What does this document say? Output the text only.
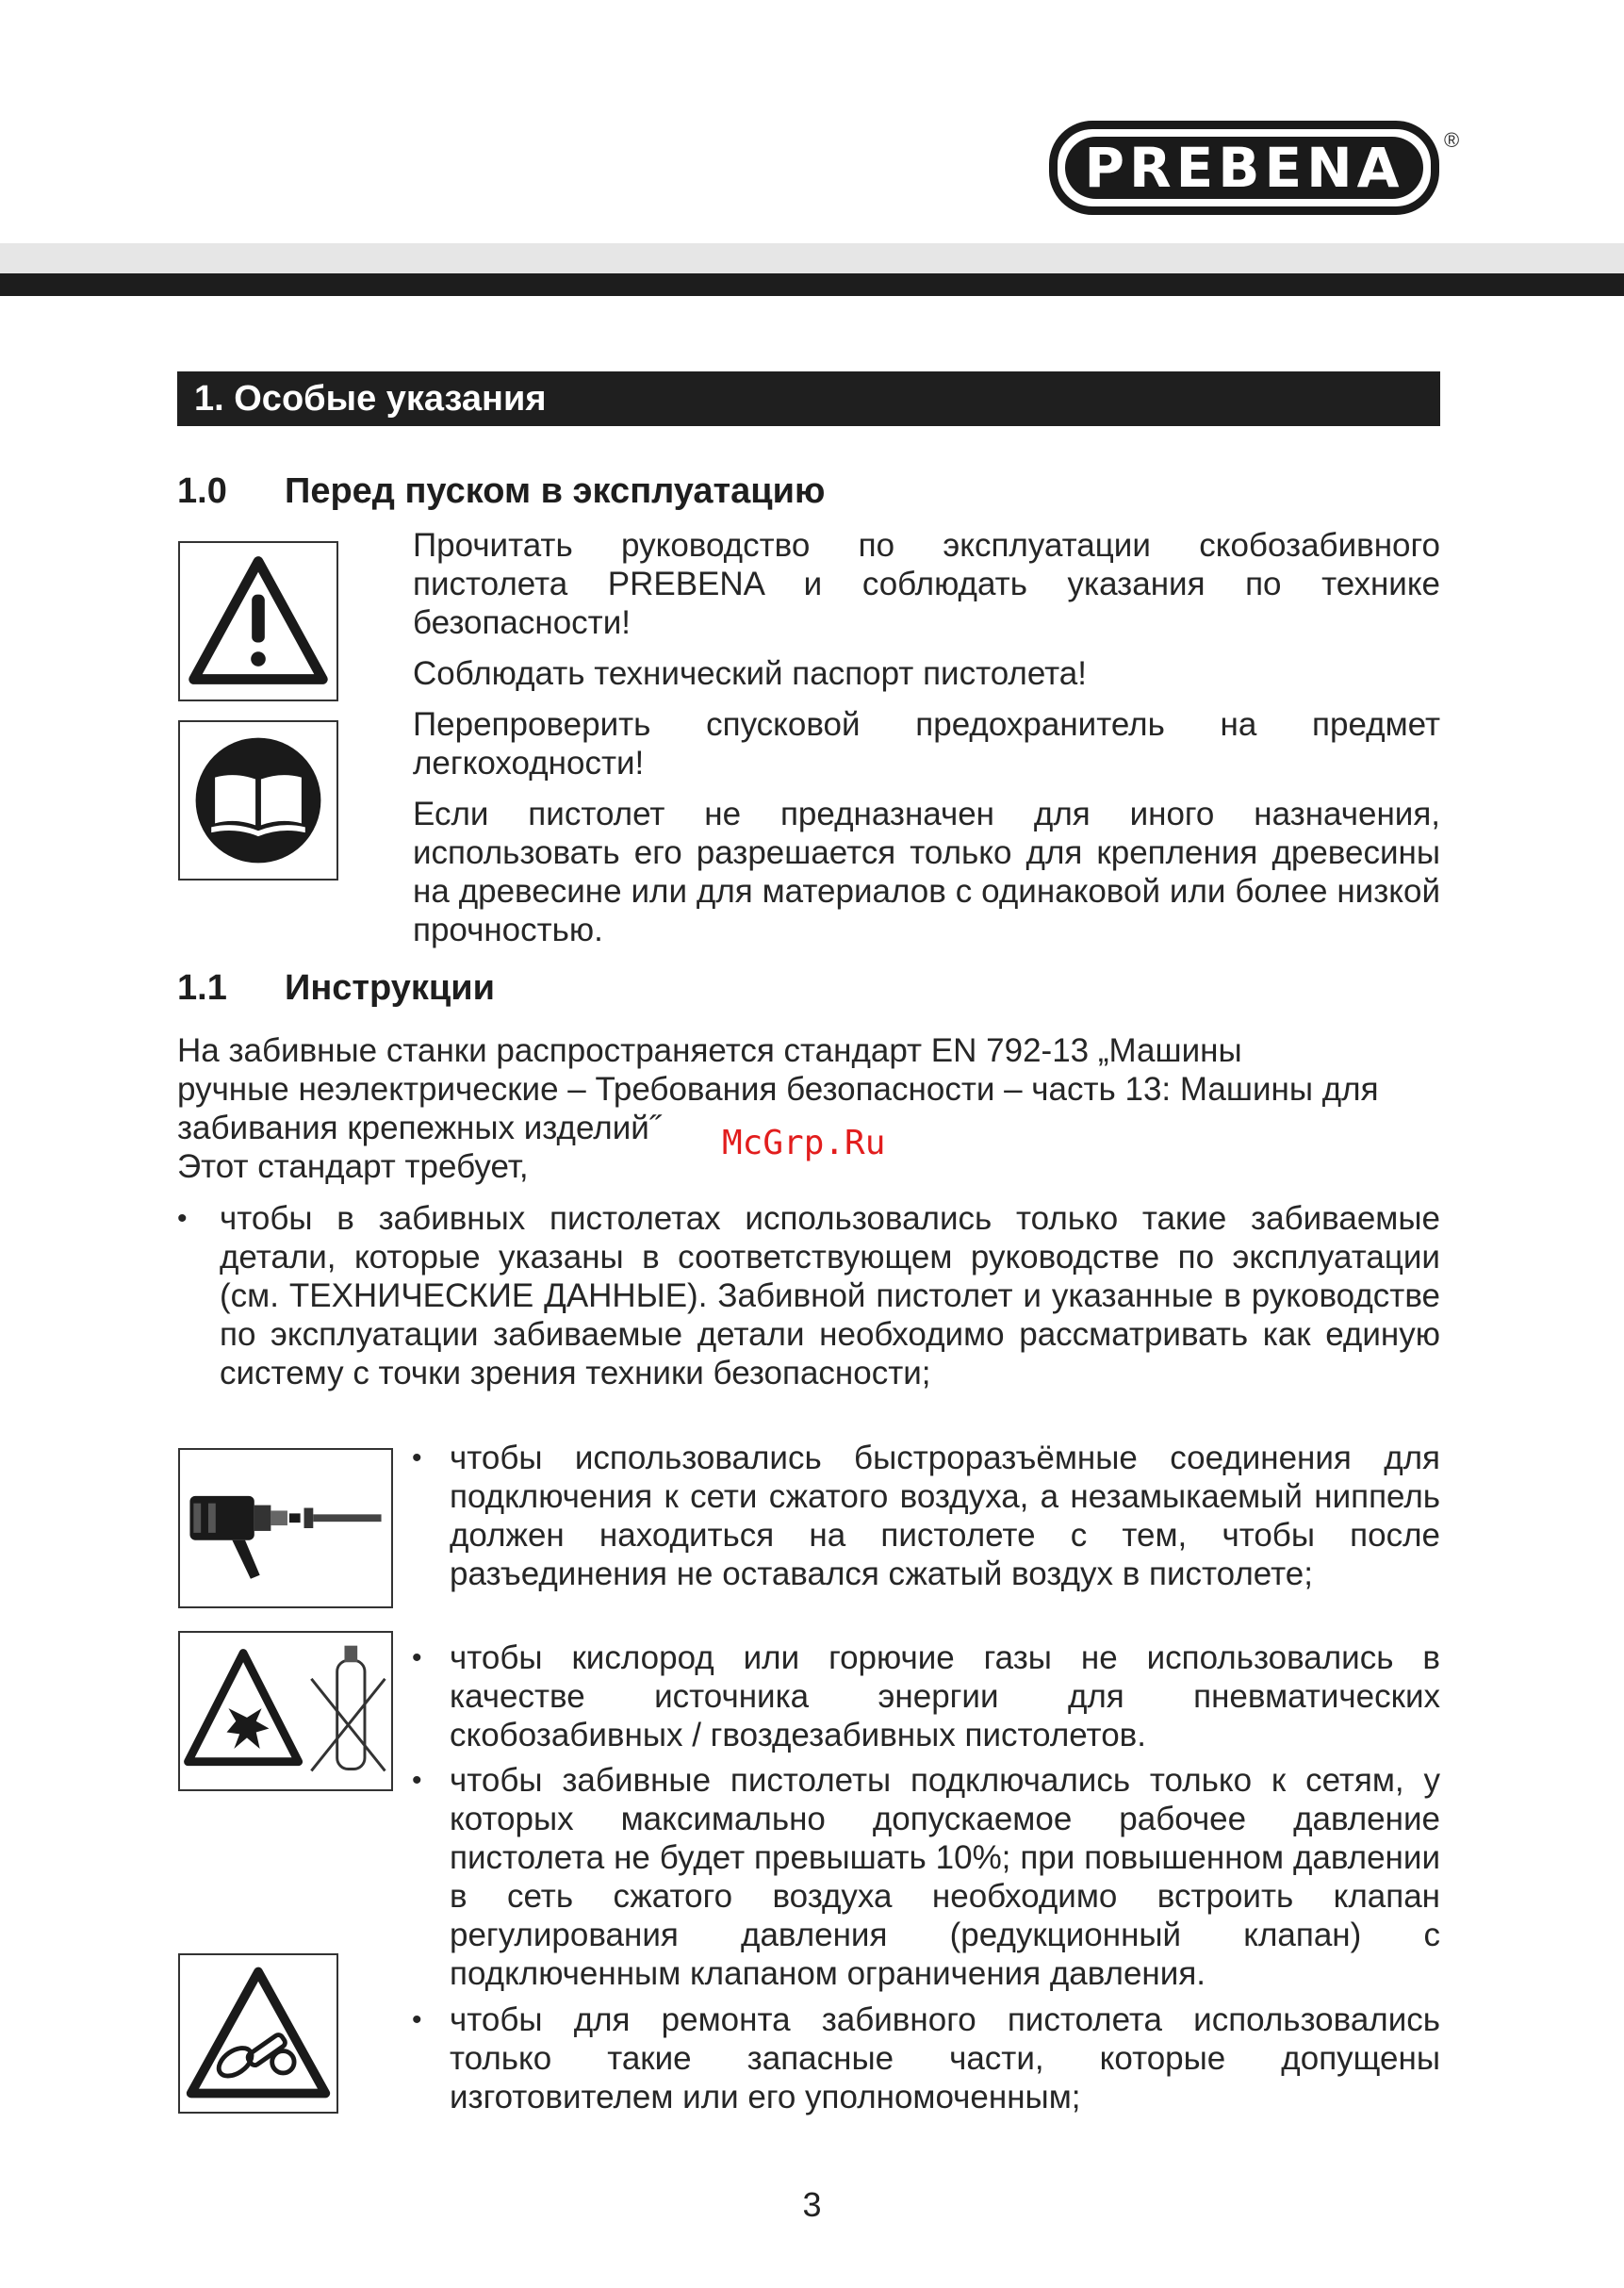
PREBENA	®
1. Особые указания
1.0 Перед пуском в эксплуатацию

Прочитать руководство по эксплуатации скобозабивного пистолета PREBENA и соблюдать указания по технике безопасности!

Соблюдать технический паспорт пистолета!

Перепроверить спусковой предохранитель на предмет легкоходности!

Если пистолет не предназначен для иного назначения, использовать его разрешается только для крепления древесины на древесине или для материалов с одинаковой или более низкой прочностью.

1.1 Инструкции

На забивные станки распространяется стандарт EN 792-13 „Машины

ручные неэлектрические – Требования безопасности – часть 13: Машины для

забивания крепежных изделий˝

Этот стандарт требует,

McGrp.Ru
• чтобы в забивных пистолетах использовались только такие забиваемые детали, которые указаны в соответствующем руководстве по эксплуатации (см. ТЕХНИЧЕСКИЕ ДАННЫЕ). Забивной пистолет и указанные в руководстве по эксплуатации забиваемые детали необходимо рассматривать как единую систему с точки зрения техники безопасности;
• чтобы использовались быстроразъёмные соединения для подключения к сети сжатого воздуха, а незамыкаемый ниппель должен находиться на пистолете с тем, чтобы после разъединения не оставался сжатый воздух в пистолете;
• чтобы кислород или горючие газы не использовались в качестве источника энергии для пневматических скобозабивных / гвоздезабивных пистолетов.
• чтобы забивные пистолеты подключались только к сетям, у которых максимально допускаемое рабочее давление пистолета не будет превышать 10%; при повышенном давлении в сеть сжатого воздуха необходимо встроить клапан регулирования давления (редукционный клапан) с подключенным клапаном ограничения давления.
• чтобы для ремонта забивного пистолета использовались только такие запасные части, которые допущены изготовителем или его уполномоченным;
3
